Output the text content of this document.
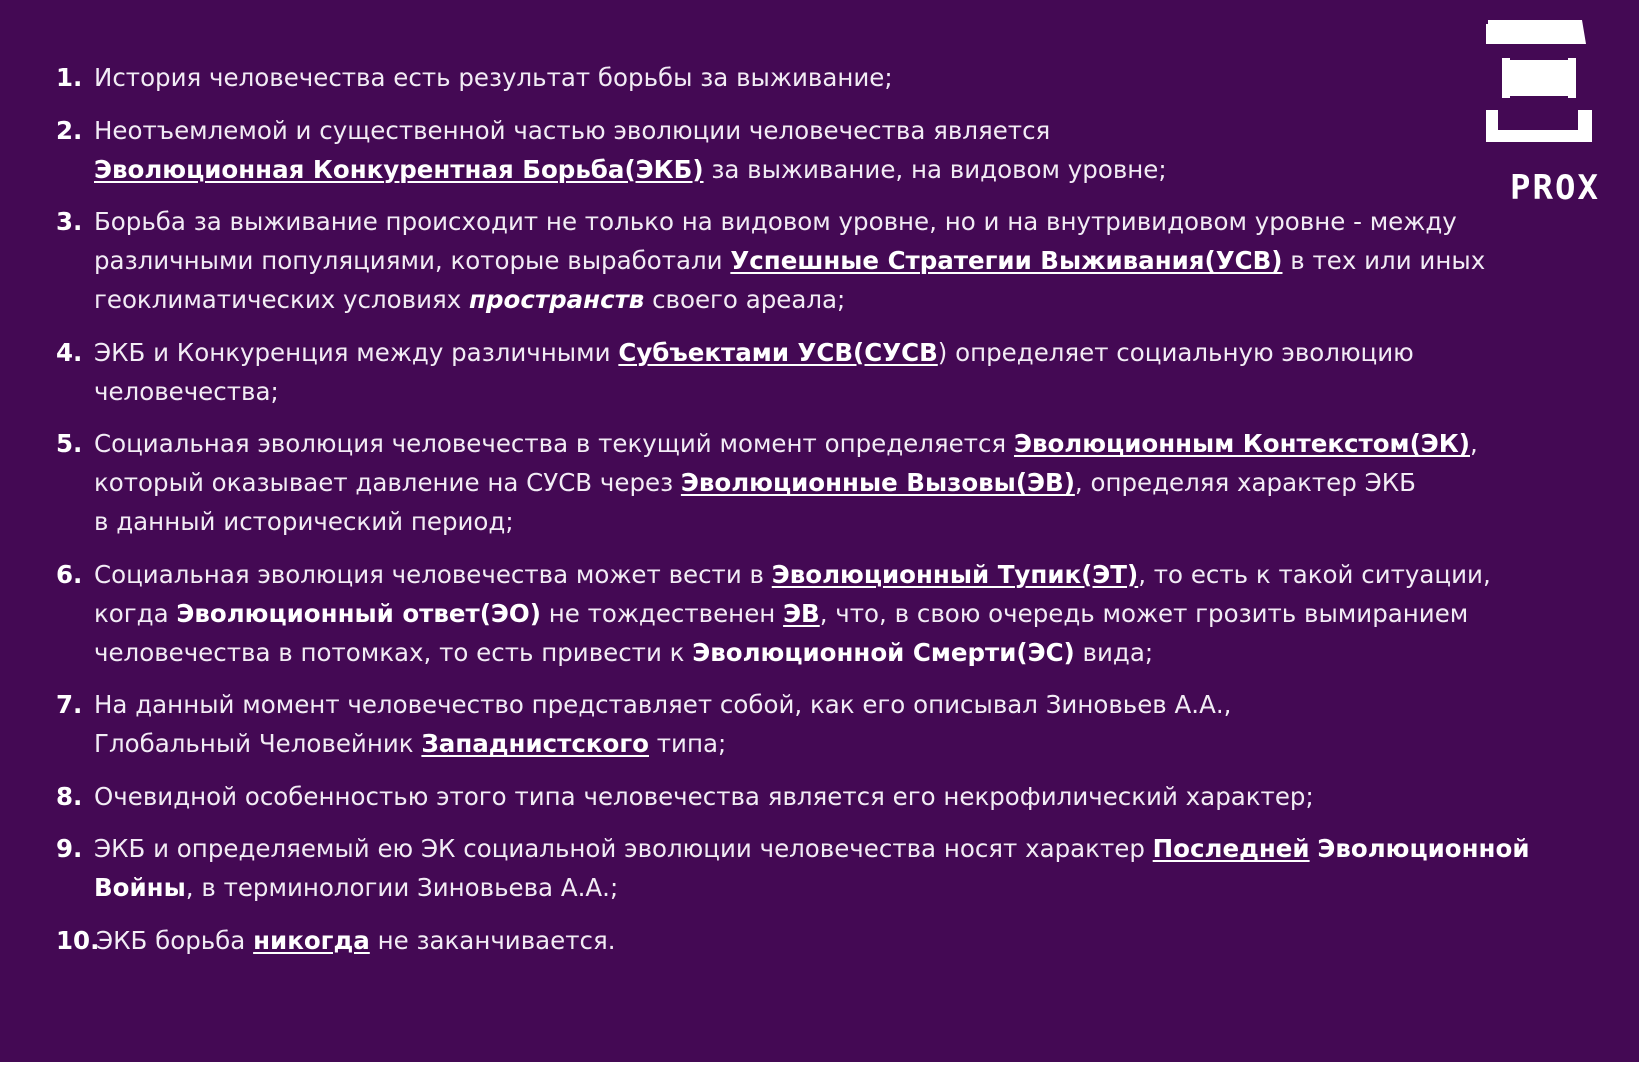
1. История человечества есть результат борьбы за выживание;
2. Неотъемлемой и существенной частью эволюции человечества является
Эволюционная Конкурентная Борьба(ЭКБ) за выживание, на видовом уровне;
3. Борьба за выживание происходит не только на видовом уровне, но и на внутривидовом уровне - между
различными популяциями, которые выработали Успешные Стратегии Выживания(УСВ) в тех или иных
геоклиматических условиях пространств своего ареала;
4. ЭКБ и Конкуренция между различными Субъектами УСВ(СУСВ) определяет социальную эволюцию
человечества;
5. Социальная эволюция человечества в текущий момент определяется Эволюционным Контекстом(ЭК),
который оказывает давление на СУСВ через Эволюционные Вызовы(ЭВ), определяя характер ЭКБ
в данный исторический период;
6. Социальная эволюция человечества может вести в Эволюционный Тупик(ЭТ), то есть к такой ситуации,
когда Эволюционный ответ(ЭО) не тождественен ЭВ, что, в свою очередь может грозить вымиранием
человечества в потомках, то есть привести к Эволюционной Смерти(ЭС) вида;
7. На данный момент человечество представляет собой, как его описывал Зиновьев А.А.,
Глобальный Человейник Западнистского типа;
8. Очевидной особенностью этого типа человечества является его некрофилический характер;
9. ЭКБ и определяемый ею ЭК социальной эволюции человечества носят характер Последней Эволюционной
Войны, в терминологии Зиновьева А.А.;
10.
ЭКБ борьба никогда не заканчивается.
PROX
